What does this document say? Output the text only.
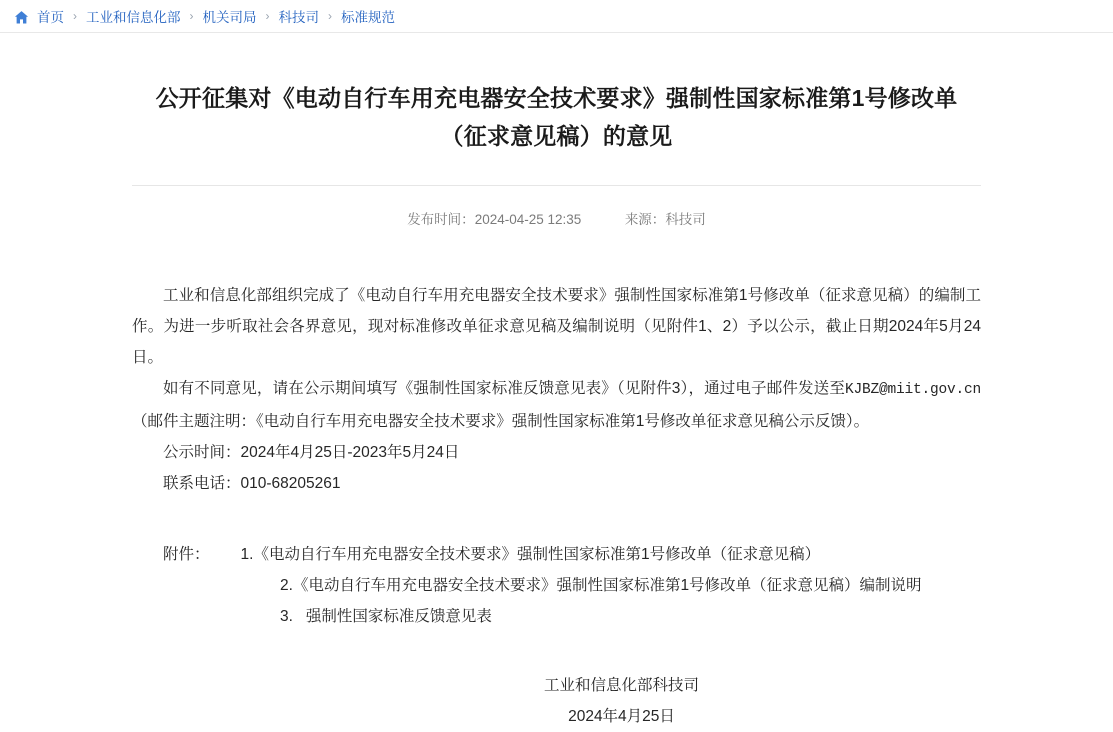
首页 › 工业和信息化部 › 机关司局 › 科技司 › 标准规范
公开征集对《电动自行车用充电器安全技术要求》强制性国家标准第1号修改单
（征求意见稿）的意见
发布时间：2024-04-25 12:35	来源：科技司

工业和信息化部组织完成了《电动自行车用充电器安全技术要求》强制性国家标准第1号修改单（征求意见稿）的编制工作。为进一步听取社会各界意见，现对标准修改单征求意见稿及编制说明（见附件1、2）予以公示，截止日期2024年5月24日。

如有不同意见，请在公示期间填写《强制性国家标准反馈意见表》（见附件3），通过电子邮件发送至KJBZ@miit.gov.cn（邮件主题注明：《电动自行车用充电器安全技术要求》强制性国家标准第1号修改单征求意见稿公示反馈）。

公示时间：2024年4月25日-2023年5月24日

联系电话：010-68205261

附件： 1.《电动自行车用充电器安全技术要求》强制性国家标准第1号修改单（征求意见稿）

2.《电动自行车用充电器安全技术要求》强制性国家标准第1号修改单（征求意见稿）编制说明

3. 强制性国家标准反馈意见表

工业和信息化部科技司
2024年4月25日
